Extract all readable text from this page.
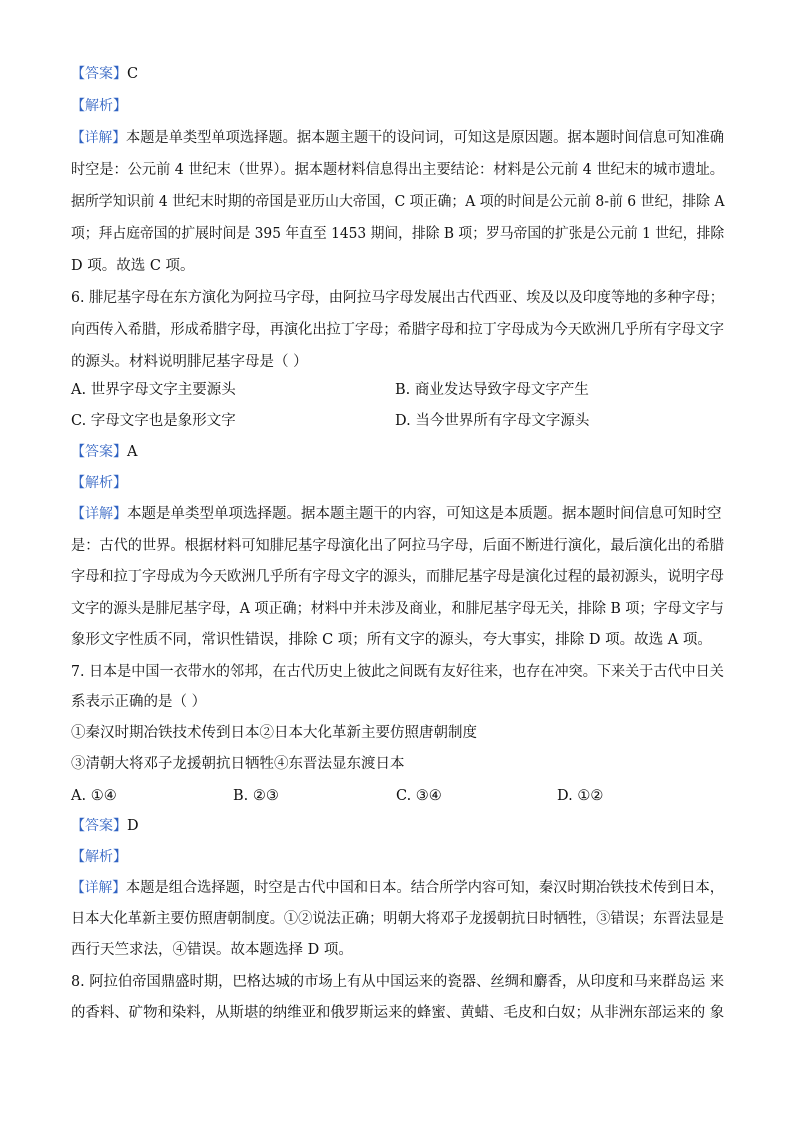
【答案】C
【解析】
【详解】本题是单类型单项选择题。据本题主题干的设问词，可知这是原因题。据本题时间信息可知准确
时空是：公元前 4 世纪末（世界）。据本题材料信息得出主要结论：材料是公元前 4 世纪末的城市遗址。
据所学知识前 4 世纪末时期的帝国是亚历山大帝国，C 项正确；A 项的时间是公元前 8-前 6 世纪，排除 A
项；拜占庭帝国的扩展时间是 395 年直至 1453 期间，排除 B 项；罗马帝国的扩张是公元前 1 世纪，排除
D 项。故选 C 项。
6. 腓尼基字母在东方演化为阿拉马字母，由阿拉马字母发展出古代西亚、埃及以及印度等地的多种字母；
向西传入希腊，形成希腊字母，再演化出拉丁字母；希腊字母和拉丁字母成为今天欧洲几乎所有字母文字
的源头。材料说明腓尼基字母是（ ）
A. 世界字母文字主要源头	B. 商业发达导致字母文字产生
C. 字母文字也是象形文字	D. 当今世界所有字母文字源头
【答案】A
【解析】
【详解】本题是单类型单项选择题。据本题主题干的内容，可知这是本质题。据本题时间信息可知时空
是：古代的世界。根据材料可知腓尼基字母演化出了阿拉马字母，后面不断进行演化，最后演化出的希腊
字母和拉丁字母成为今天欧洲几乎所有字母文字的源头，而腓尼基字母是演化过程的最初源头，说明字母
文字的源头是腓尼基字母，A 项正确；材料中并未涉及商业，和腓尼基字母无关，排除 B 项；字母文字与
象形文字性质不同，常识性错误，排除 C 项；所有文字的源头，夸大事实，排除 D 项。故选 A 项。
7. 日本是中国一衣带水的邻邦，在古代历史上彼此之间既有友好往来，也存在冲突。下来关于古代中日关
系表示正确的是（ ）
①秦汉时期冶铁技术传到日本②日本大化革新主要仿照唐朝制度
③清朝大将邓子龙援朝抗日牺牲④东晋法显东渡日本
A. ①④	B. ②③	C. ③④	D. ①②
【答案】D
【解析】
【详解】本题是组合选择题，时空是古代中国和日本。结合所学内容可知，秦汉时期冶铁技术传到日本，
日本大化革新主要仿照唐朝制度。①②说法正确；明朝大将邓子龙援朝抗日时牺牲，③错误；东晋法显是
西行天竺求法，④错误。故本题选择 D 项。
8. 阿拉伯帝国鼎盛时期，巴格达城的市场上有从中国运来的瓷器、丝绸和麝香，从印度和马来群岛运 来
的香料、矿物和染料，从斯堪的纳维亚和俄罗斯运来的蜂蜜、黄蜡、毛皮和白奴；从非洲东部运来的 象
